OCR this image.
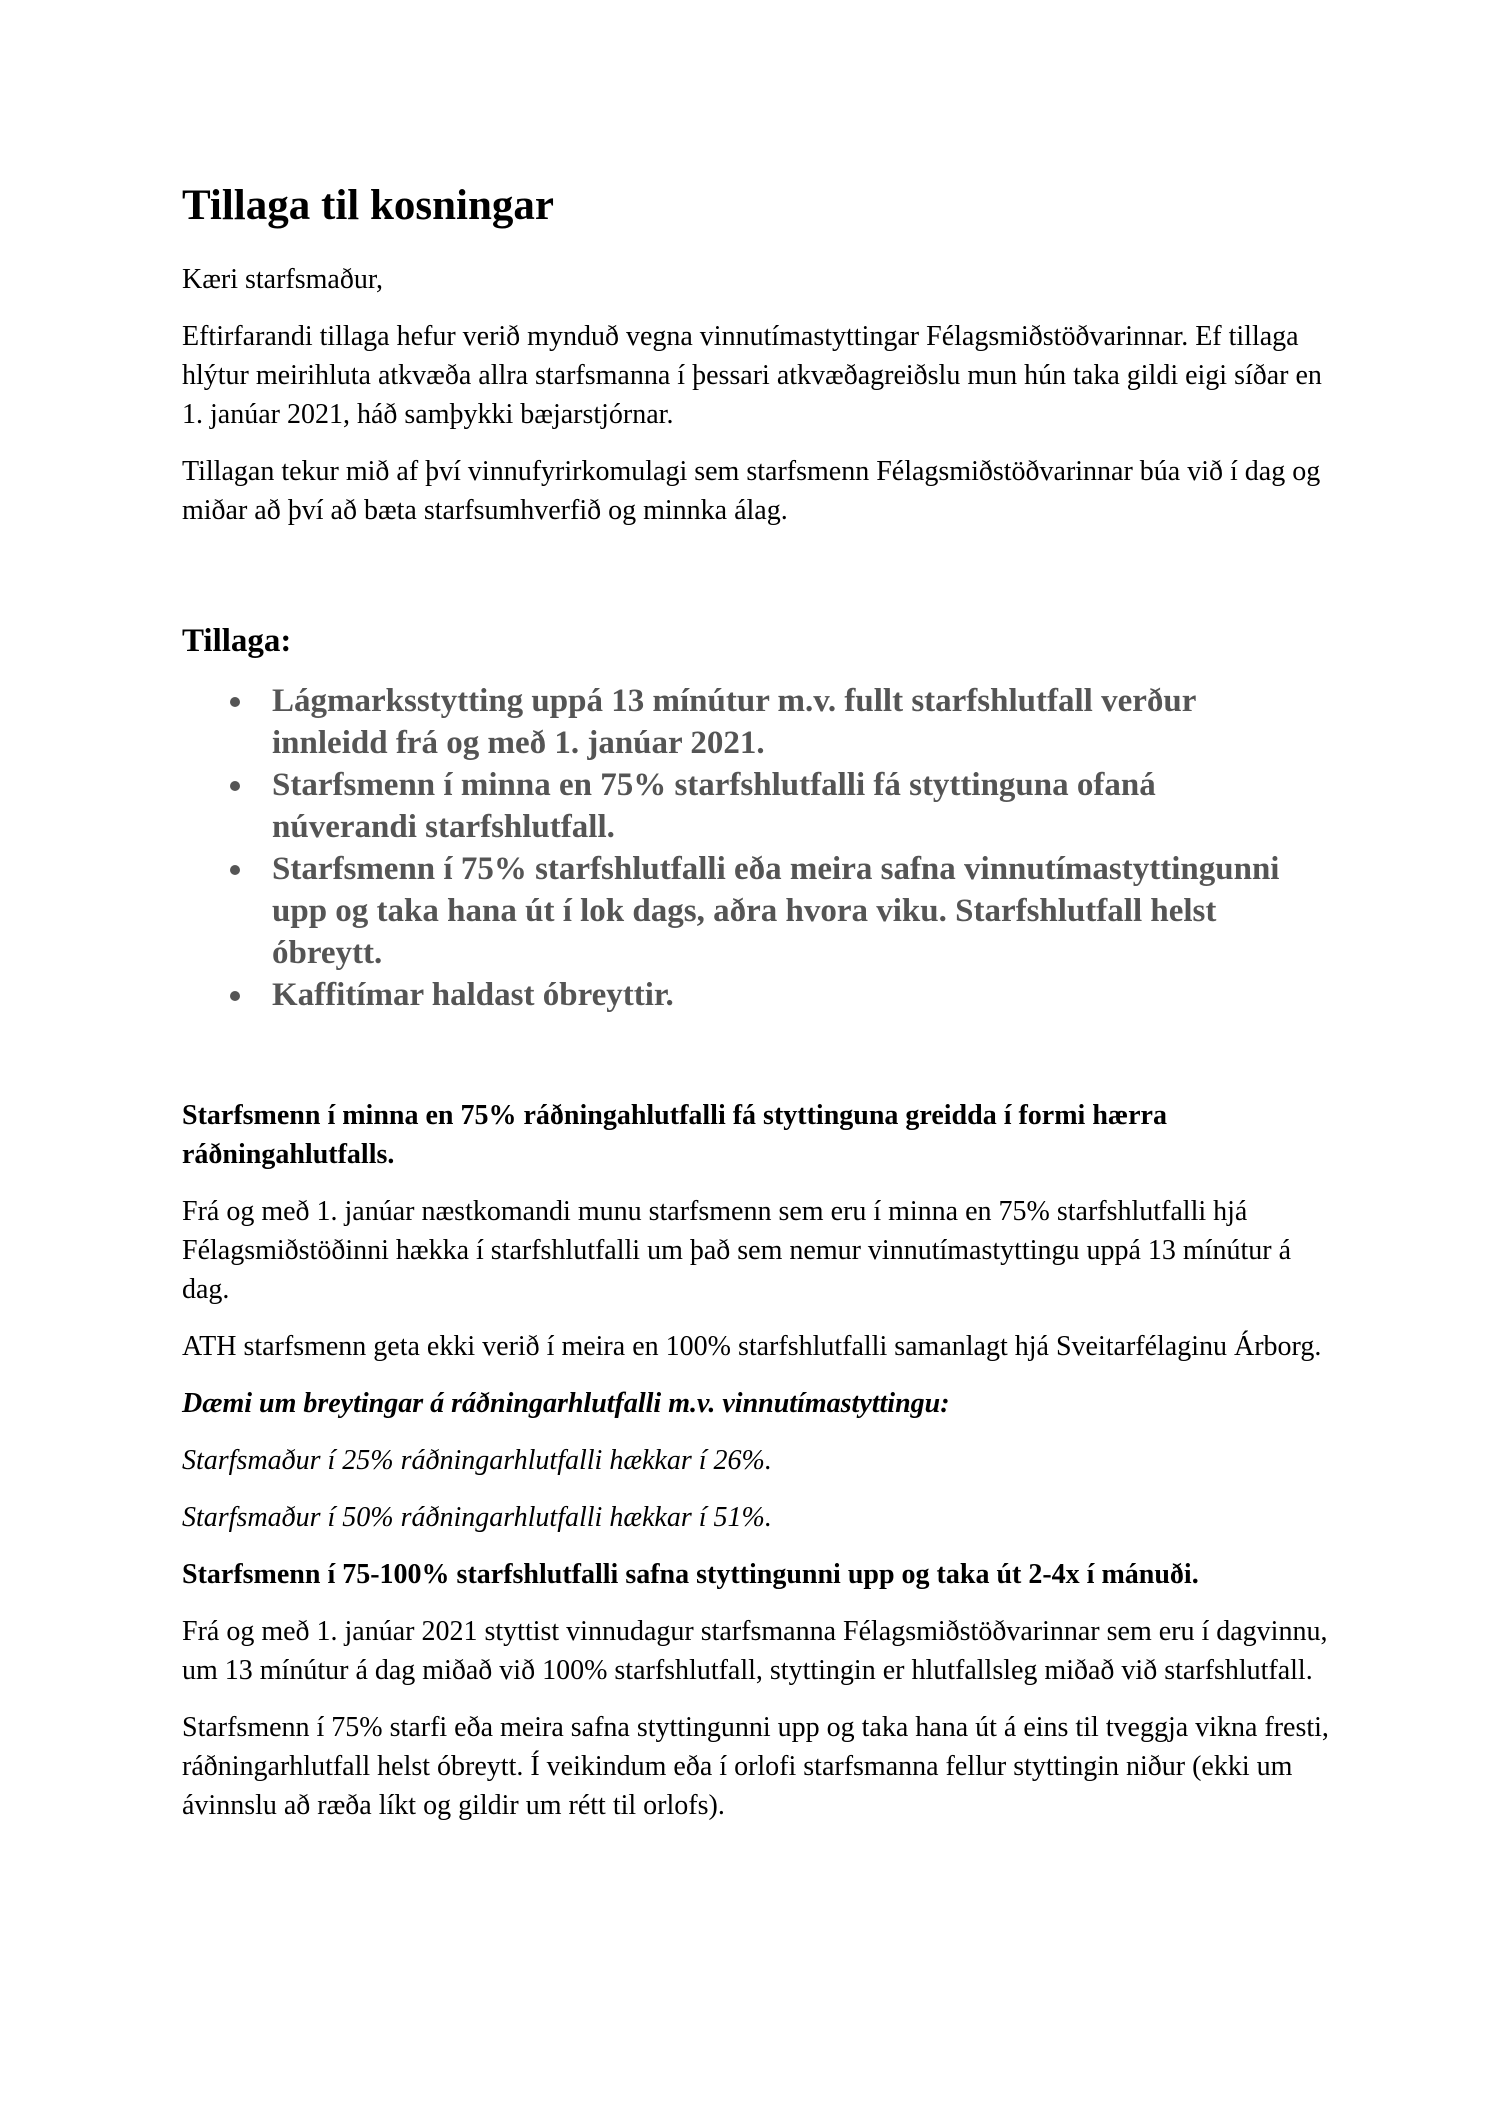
Tillaga til kosningar

Kæri starfsmaður,

Eftirfarandi tillaga hefur verið mynduð vegna vinnutímastyttingar Félagsmiðstöðvarinnar. Ef tillaga hlýtur meirihluta atkvæða allra starfsmanna í þessari atkvæðagreiðslu mun hún taka gildi eigi síðar en 1. janúar 2021, háð samþykki bæjarstjórnar.

Tillagan tekur mið af því vinnufyrirkomulagi sem starfsmenn Félagsmiðstöðvarinnar búa við í dag og miðar að því að bæta starfsumhverfið og minnka álag.

Tillaga:
Lágmarksstytting uppá 13 mínútur m.v. fullt starfshlutfall verður innleidd frá og með 1. janúar 2021.
Starfsmenn í minna en 75% starfshlutfalli fá styttinguna ofaná núverandi starfshlutfall.
Starfsmenn í 75% starfshlutfalli eða meira safna vinnutímastyttingunni upp og taka hana út í lok dags, aðra hvora viku. Starfshlutfall helst óbreytt.
Kaffitímar haldast óbreyttir.

Starfsmenn í minna en 75% ráðningahlutfalli fá styttinguna greidda í formi hærra ráðningahlutfalls.

Frá og með 1. janúar næstkomandi munu starfsmenn sem eru í minna en 75% starfshlutfalli hjá Félagsmiðstöðinni hækka í starfshlutfalli um það sem nemur vinnutímastyttingu uppá 13 mínútur á dag.

ATH starfsmenn geta ekki verið í meira en 100% starfshlutfalli samanlagt hjá Sveitarfélaginu Árborg.

Dæmi um breytingar á ráðningarhlutfalli m.v. vinnutímastyttingu:

Starfsmaður í 25% ráðningarhlutfalli hækkar í 26%.

Starfsmaður í 50% ráðningarhlutfalli hækkar í 51%.

Starfsmenn í 75-100% starfshlutfalli safna styttingunni upp og taka út 2-4x í mánuði.

Frá og með 1. janúar 2021 styttist vinnudagur starfsmanna Félagsmiðstöðvarinnar sem eru í dagvinnu, um 13 mínútur á dag miðað við 100% starfshlutfall, styttingin er hlutfallsleg miðað við starfshlutfall.

Starfsmenn í 75% starfi eða meira safna styttingunni upp og taka hana út á eins til tveggja vikna fresti, ráðningarhlutfall helst óbreytt. Í veikindum eða í orlofi starfsmanna fellur styttingin niður (ekki um ávinnslu að ræða líkt og gildir um rétt til orlofs).
